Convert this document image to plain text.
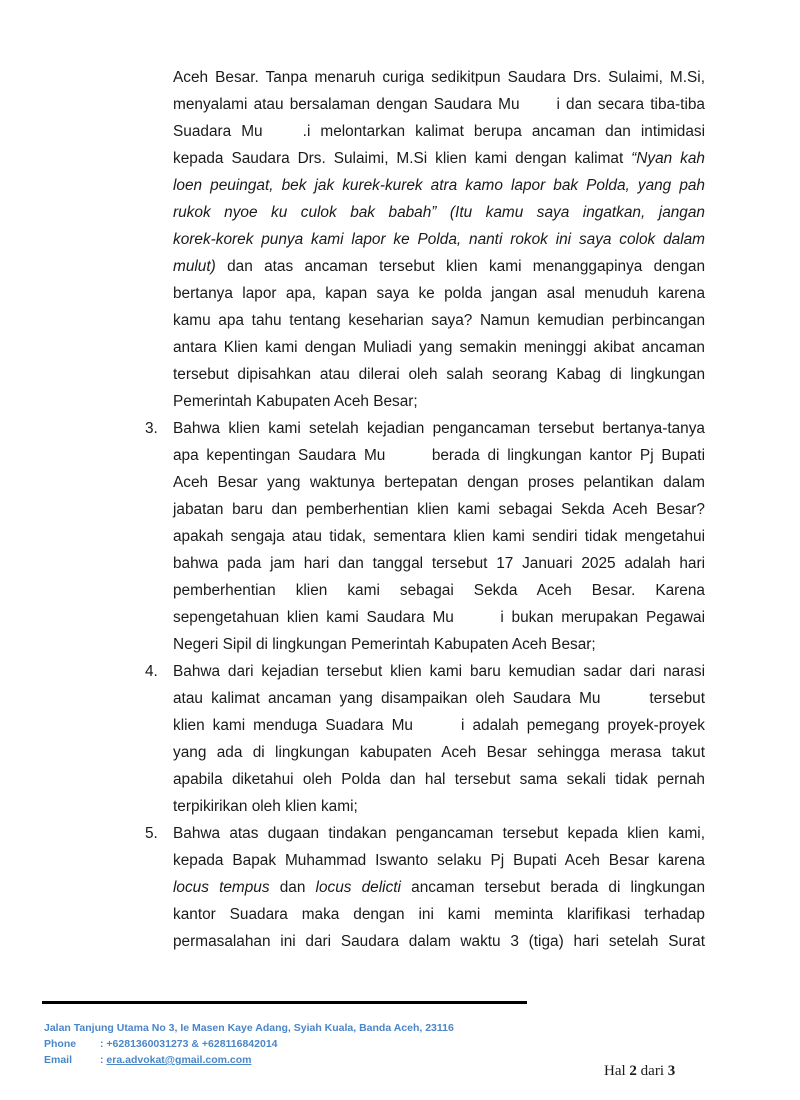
Aceh Besar. Tanpa menaruh curiga sedikitpun Saudara Drs. Sulaimi, M.Si,
menyalami atau bersalaman dengan Saudara Mu      i dan secara tiba-tiba
Suadara Mu    .i melontarkan kalimat berupa ancaman dan intimidasi
kepada Saudara Drs. Sulaimi, M.Si klien kami dengan kalimat “Nyan kah
loen peuingat, bek jak kurek-kurek atra kamo lapor bak Polda, yang pah
rukok nyoe ku culok bak babah” (Itu kamu saya ingatkan, jangan
korek-korek punya kami lapor ke Polda, nanti rokok ini saya colok dalam
mulut) dan atas ancaman tersebut klien kami menanggapinya dengan
bertanya lapor apa, kapan saya ke polda jangan asal menuduh karena
kamu apa tahu tentang keseharian saya? Namun kemudian perbincangan
antara Klien kami dengan Muliadi yang semakin meninggi akibat ancaman
tersebut dipisahkan atau dilerai oleh salah seorang Kabag di lingkungan
Pemerintah Kabupaten Aceh Besar;
3. Bahwa klien kami setelah kejadian pengancaman tersebut bertanya-tanya
apa kepentingan Saudara Mu      berada di lingkungan kantor Pj Bupati
Aceh Besar yang waktunya bertepatan dengan proses pelantikan dalam
jabatan baru dan pemberhentian klien kami sebagai Sekda Aceh Besar?
apakah sengaja atau tidak, sementara klien kami sendiri tidak mengetahui
bahwa pada jam hari dan tanggal tersebut 17 Januari 2025 adalah hari
pemberhentian klien kami sebagai Sekda Aceh Besar. Karena
sepengetahuan klien kami Saudara Mu      i bukan merupakan Pegawai
Negeri Sipil di lingkungan Pemerintah Kabupaten Aceh Besar;
4. Bahwa dari kejadian tersebut klien kami baru kemudian sadar dari narasi
atau kalimat ancaman yang disampaikan oleh Saudara Mu      tersebut
klien kami menduga Suadara Mu      i adalah pemegang proyek-proyek
yang ada di lingkungan kabupaten Aceh Besar sehingga merasa takut
apabila diketahui oleh Polda dan hal tersebut sama sekali tidak pernah
terpikirikan oleh klien kami;
5. Bahwa atas dugaan tindakan pengancaman tersebut kepada klien kami,
kepada Bapak Muhammad Iswanto selaku Pj Bupati Aceh Besar karena
locus tempus dan locus delicti ancaman tersebut berada di lingkungan
kantor Suadara maka dengan ini kami meminta klarifikasi terhadap
permasalahan ini dari Saudara dalam waktu 3 (tiga) hari setelah Surat
Jalan Tanjung Utama No 3, Ie Masen Kaye Adang, Syiah Kuala, Banda Aceh, 23116
Phone : +6281360031273 & +628116842014
Email	: era.advokat@gmail.com.com
Hal 2 dari 3
